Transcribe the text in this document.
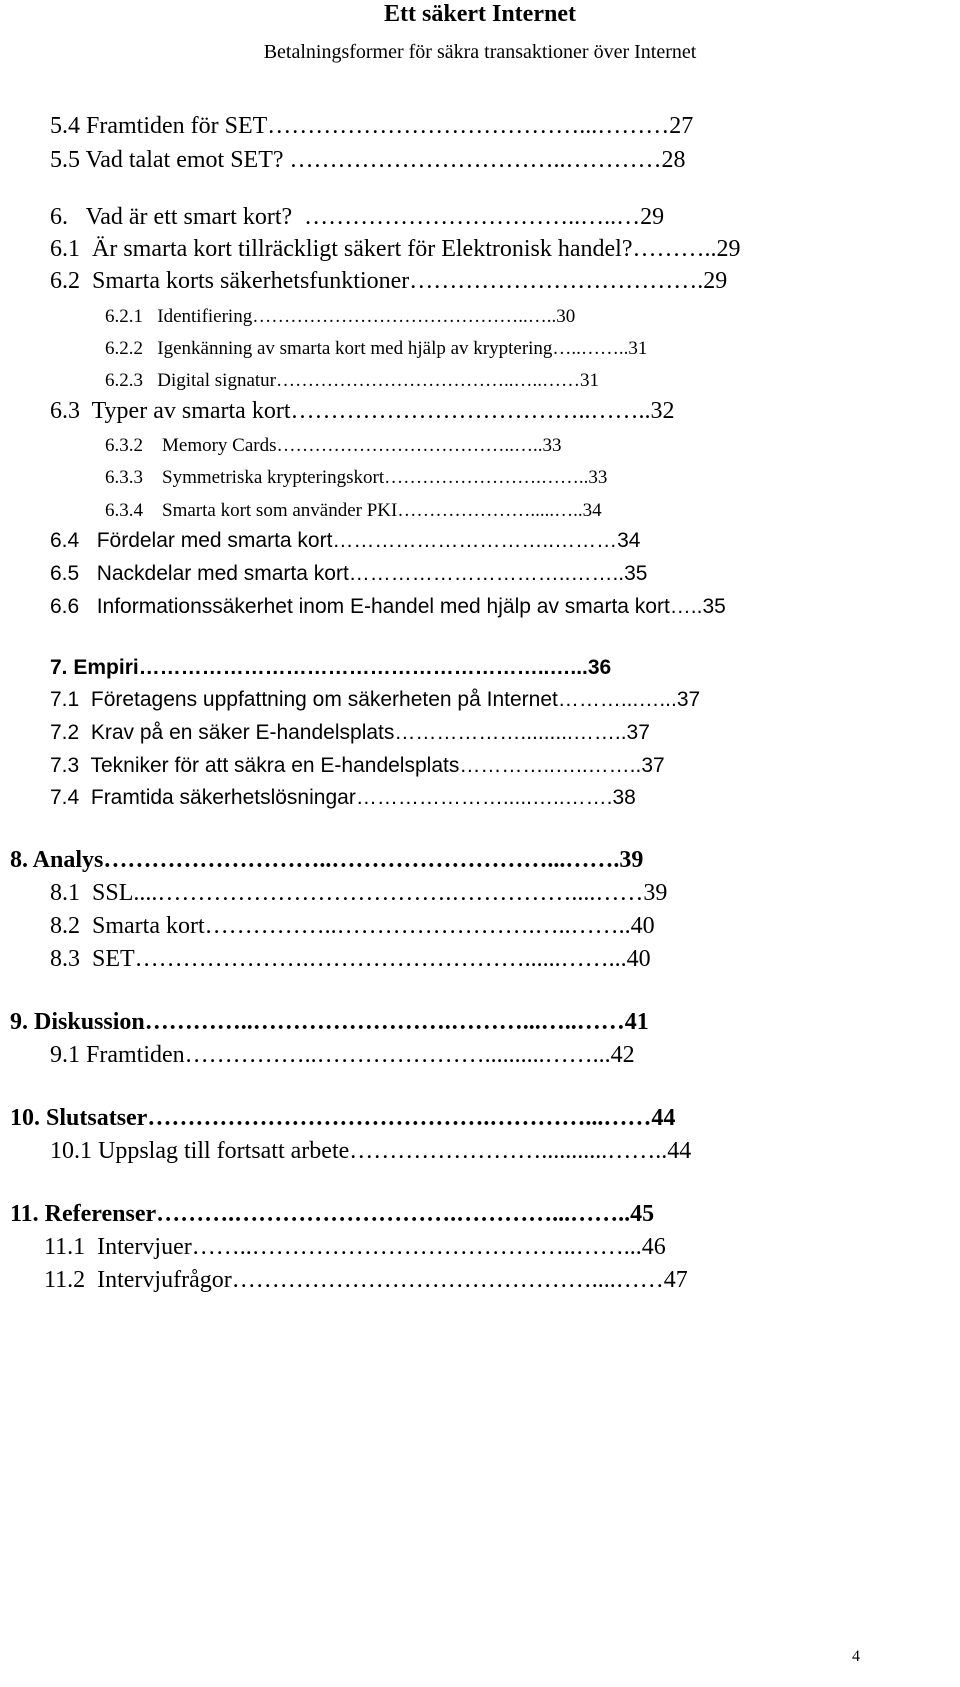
Ett säkert Internet
Betalningsformer för säkra transaktioner över Internet
5.4 Framtiden för SET…………………………………...………27
5.5 Vad talat emot SET? ……………………………..…………28
6.   Vad är ett smart kort?  ……………………………..…..…29
6.1  Är smarta kort tillräckligt säkert för Elektronisk handel?………..29
6.2  Smarta korts säkerhetsfunktioner……………………………….29
6.2.1   Identifiering……………………………………..…..30
6.2.2   Igenkänning av smarta kort med hjälp av kryptering…..……..31
6.2.3   Digital signatur………………………………..…..……31
6.3  Typer av smarta kort………………………………..……..32
6.3.2    Memory Cards………………………………..…..33
6.3.3    Symmetriska krypteringskort…………………….……..33
6.3.4    Smarta kort som använder PKI………………….....…..34
6.4   Fördelar med smarta kort…………………………..………34
6.5   Nackdelar med smarta kort…………………………..……..35
6.6   Informationssäkerhet inom E-handel med hjälp av smarta kort…..35
7. Empiri…………………………………………………..…...36
7.1  Företagens uppfattning om säkerheten på Internet………...…...37
7.2  Krav på en säker E-handelsplats……………….........……..37
7.3  Tekniker för att säkra en E-handelsplats…………..…..……..37
7.4  Framtida säkerhetslösningar………………….....…..…….38
8. Analys………………………..………………………...…….39
8.1  SSL....……………………………….……………....……39
8.2  Smarta kort……………..…………………….…..……..40
8.3  SET………………….………………………......……...40
9. Diskussion…………..…………………….………...…..……41
9.1 Framtiden……………..…………………..........……...42
10. Slutsatser…………………………………….…………...……44
10.1 Uppslag till fortsatt arbete……………………...........……..44
11. Referenser……….……………………….…………...……..45
11.1  Intervjuer……..…………………………………..……...46
11.2  Intervjufrågor………………………………………....……47
4
